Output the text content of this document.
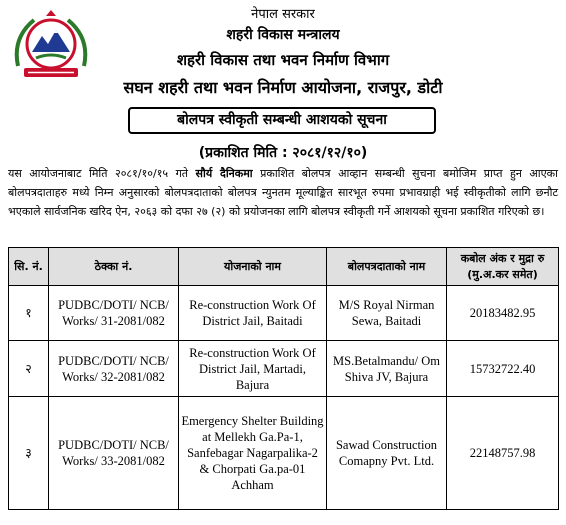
नेपाल सरकार
शहरी विकास मन्त्रालय
शहरी विकास तथा भवन निर्माण विभाग
सघन शहरी तथा भवन निर्माण आयोजना, राजपुर, डोटी
बोलपत्र स्वीकृती सम्बन्धी आशयको सूचना
(प्रकाशित मिति : २०८१/१२/१०)
यस आयोजनाबाट मिति २०८१/१०/१५ गते सौर्य दैनिकमा प्रकाशित बोलपत्र आव्हान सम्बन्धी सुचना बमोजिम प्राप्त हुन आएका बोलपत्रदाताहरु मध्ये निम्न अनुसारको बोलपत्रदाताको बोलपत्र न्युनतम मूल्याङ्कित सारभूत रुपमा प्रभावग्राही भई स्वीकृतीको लागि छनौट भएकाले सार्वजनिक खरिद ऐन, २०६३ को दफा २७ (२) को प्रयोजनका लागि बोलपत्र स्वीकृती गर्ने आशयको सूचना प्रकाशित गरिएको छ।
सि. नं.	ठेक्का नं.	योजनाको नाम	बोलपत्रदाताको नाम	कबोल अंक र मुद्रा रु (मु.अ.कर समेत)
१	PUDBC/DOTI/ NCB/ Works/ 31-2081/082	Re-construction Work Of District Jail, Baitadi	M/S Royal Nirman Sewa, Baitadi	20183482.95
२	PUDBC/DOTI/ NCB/ Works/ 32-2081/082	Re-construction Work Of District Jail, Martadi, Bajura	MS.Betalmandu/ Om Shiva JV, Bajura	15732722.40
३	PUDBC/DOTI/ NCB/ Works/ 33-2081/082	Emergency Shelter Building at Mellekh Ga.Pa-1, Sanfebagar Nagarpalika-2 & Chorpati Ga.pa-01 Achham	Sawad Construction Comapny Pvt. Ltd.	22148757.98
